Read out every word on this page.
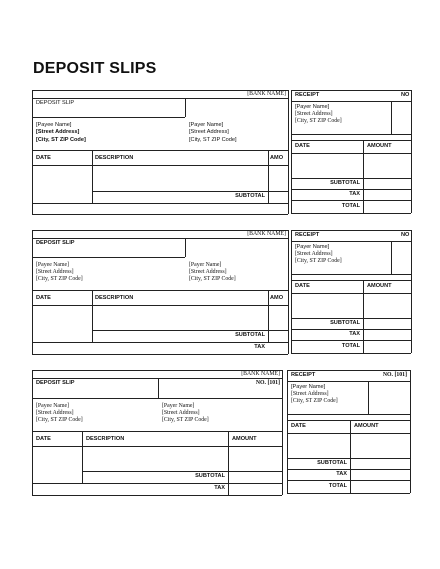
DEPOSIT SLIPS
[BANK NAME]
DEPOSIT SLIP
[Payee Name]
[Street Address]
[City, ST ZIP Code]
[Payer Name]
[Street Address]
[City, ST ZIP Code]
DATE	DESCRIPTION	AMO
SUBTOTAL
RECEIPT	NO
[Payer Name]
[Street Address]
[City, ST ZIP Code]
DATE	AMOUNT
SUBTOTAL
TAX
TOTAL
[BANK NAME]
DEPOSIT SLIP
[Payee Name]
[Street Address]
[City, ST ZIP Code]
[Payer Name]
[Street Address]
[City, ST ZIP Code]
DATE	DESCRIPTION	AMO
SUBTOTAL
TAX
RECEIPT	NO
[Payer Name]
[Street Address]
[City, ST ZIP Code]
DATE	AMOUNT
SUBTOTAL
TAX
TOTAL
[BANK NAME]
DEPOSIT SLIP	NO. [101]
[Payee Name]
[Street Address]
[City, ST ZIP Code]
[Payer Name]
[Street Address]
[City, ST ZIP Code]
DATE	DESCRIPTION	AMOUNT
SUBTOTAL
TAX
RECEIPT	NO. [101]
[Payer Name]
[Street Address]
[City, ST ZIP Code]
DATE	AMOUNT
SUBTOTAL
TAX
TOTAL
